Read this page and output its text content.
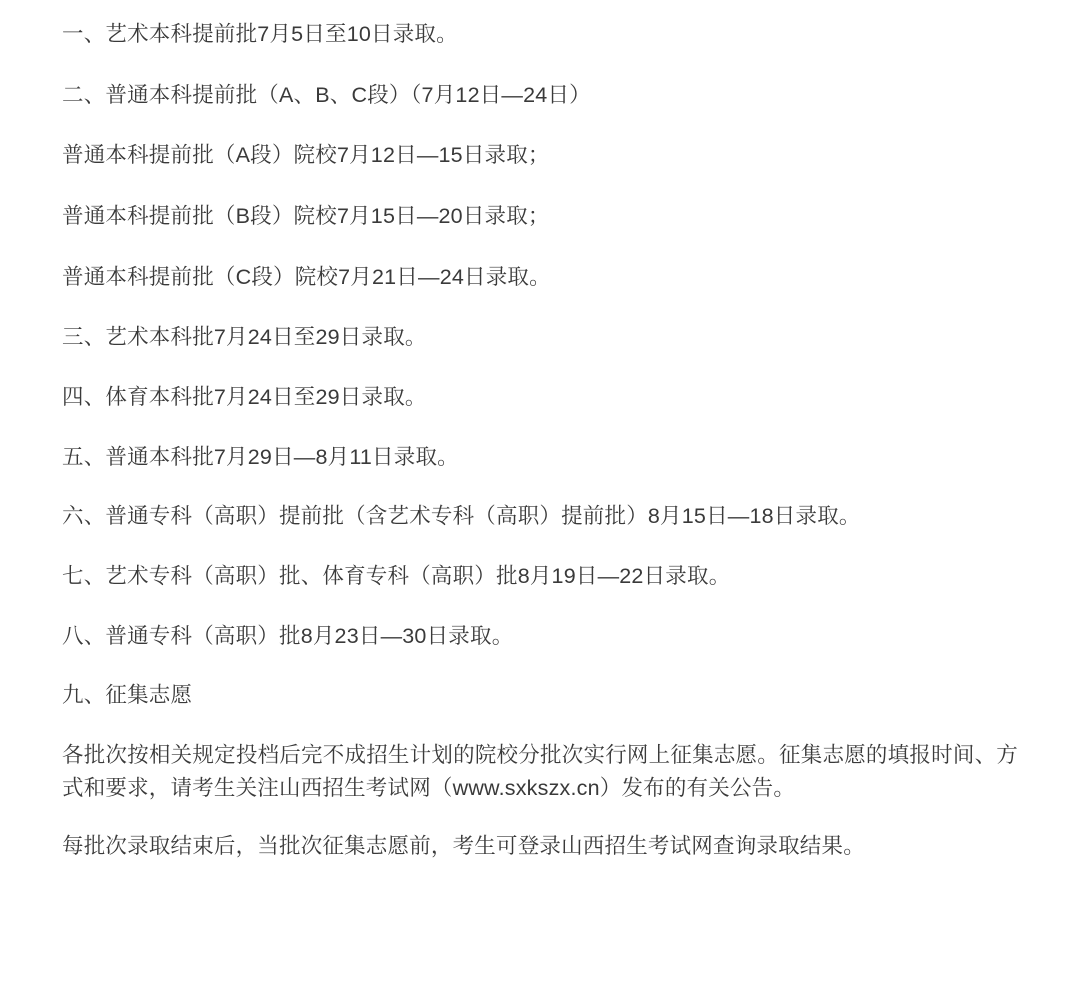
一、艺术本科提前批7月5日至10日录取。

二、普通本科提前批（A、B、C段）（7月12日—24日）

普通本科提前批（A段）院校7月12日—15日录取；

普通本科提前批（B段）院校7月15日—20日录取；

普通本科提前批（C段）院校7月21日—24日录取。

三、艺术本科批7月24日至29日录取。

四、体育本科批7月24日至29日录取。

五、普通本科批7月29日—8月11日录取。

六、普通专科（高职）提前批（含艺术专科（高职）提前批）8月15日—18日录取。

七、艺术专科（高职）批、体育专科（高职）批8月19日—22日录取。

八、普通专科（高职）批8月23日—30日录取。

九、征集志愿

各批次按相关规定投档后完不成招生计划的院校分批次实行网上征集志愿。征集志愿的填报时间、方式和要求，请考生关注山西招生考试网（www.sxkszx.cn）发布的有关公告。

每批次录取结束后，当批次征集志愿前，考生可登录山西招生考试网查询录取结果。
